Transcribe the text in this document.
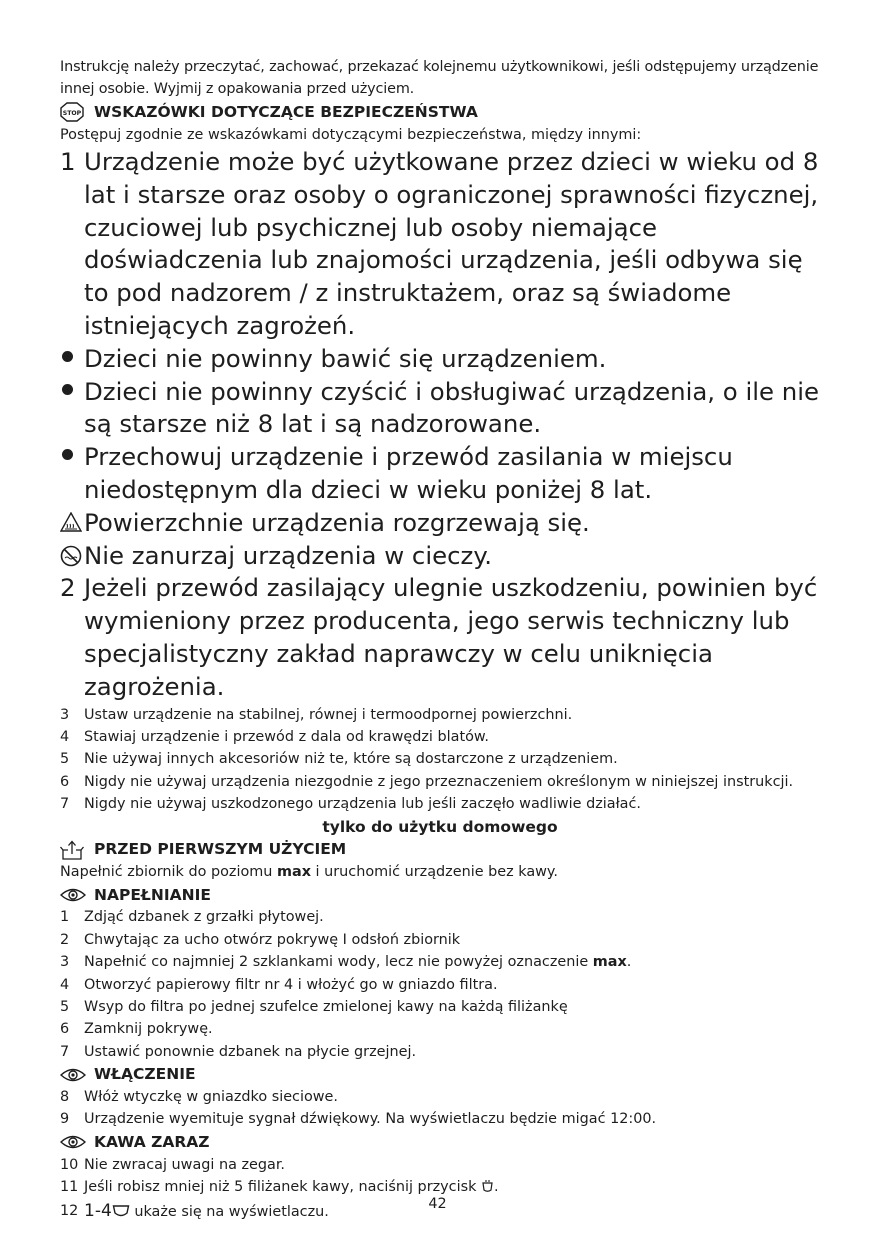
Instrukcję należy przeczytać, zachować, przekazać kolejnemu użytkownikowi, jeśli odstępujemy urządzenie innej osobie. Wyjmij z opakowania przed użyciem.

STOP WSKAZÓWKI DOTYCZĄCE BEZPIECZEŃSTWA

Postępuj zgodnie ze wskazówkami dotyczącymi bezpieczeństwa, między innymi:

1 Urządzenie może być użytkowane przez dzieci w wieku od 8 lat i starsze oraz osoby o ograniczonej sprawności fizycznej, czuciowej lub psychicznej lub osoby niemające doświadczenia lub znajomości urządzenia, jeśli odbywa się to pod nadzorem / z instruktażem, oraz są świadome istniejących zagrożeń.
Dzieci nie powinny bawić się urządzeniem.
Dzieci nie powinny czyścić i obsługiwać urządzenia, o ile nie są starsze niż 8 lat i są nadzorowane.
Przechowuj urządzenie i przewód zasilania w miejscu niedostępnym dla dzieci w wieku poniżej 8 lat.
Powierzchnie urządzenia rozgrzewają się.
Nie zanurzaj urządzenia w cieczy.
2 Jeżeli przewód zasilający ulegnie uszkodzeniu, powinien być wymieniony przez producenta, jego serwis techniczny lub specjalistyczny zakład naprawczy w celu uniknięcia zagrożenia.
3	Ustaw urządzenie na stabilnej, równej i termoodpornej powierzchni.
4	Stawiaj urządzenie i przewód z dala od krawędzi blatów.
5	Nie używaj innych akcesoriów niż te, które są dostarczone z urządzeniem.
6	Nigdy nie używaj urządzenia niezgodnie z jego przeznaczeniem określonym w niniejszej instrukcji.
7	Nigdy nie używaj uszkodzonego urządzenia lub jeśli zaczęło wadliwie działać.

tylko do użytku domowego

PRZED PIERWSZYM UŻYCIEM

Napełnić zbiornik do poziomu max i uruchomić urządzenie bez kawy.

NAPEŁNIANIE
1	Zdjąć dzbanek z grzałki płytowej.
2	Chwytając za ucho otwórz pokrywę I odsłoń zbiornik
3	Napełnić co najmniej 2 szklankami wody, lecz nie powyżej oznaczenie max.
4	Otworzyć papierowy filtr nr 4 i włożyć go w gniazdo filtra.
5	Wsyp do filtra po jednej szufelce zmielonej kawy na każdą filiżankę
6	Zamknij pokrywę.
7	Ustawić ponownie dzbanek na płycie grzejnej.
WŁĄCZENIE
8	Włóż wtyczkę w gniazdko sieciowe.
9	Urządzenie wyemituje sygnał dźwiękowy. Na wyświetlaczu będzie migać 12:00.
KAWA ZARAZ
10 Nie zwracaj uwagi na zegar.
11 Jeśli robisz mniej niż 5 filiżanek kawy, naciśnij przycisk .
12 1-4 ukaże się na wyświetlaczu.
42
